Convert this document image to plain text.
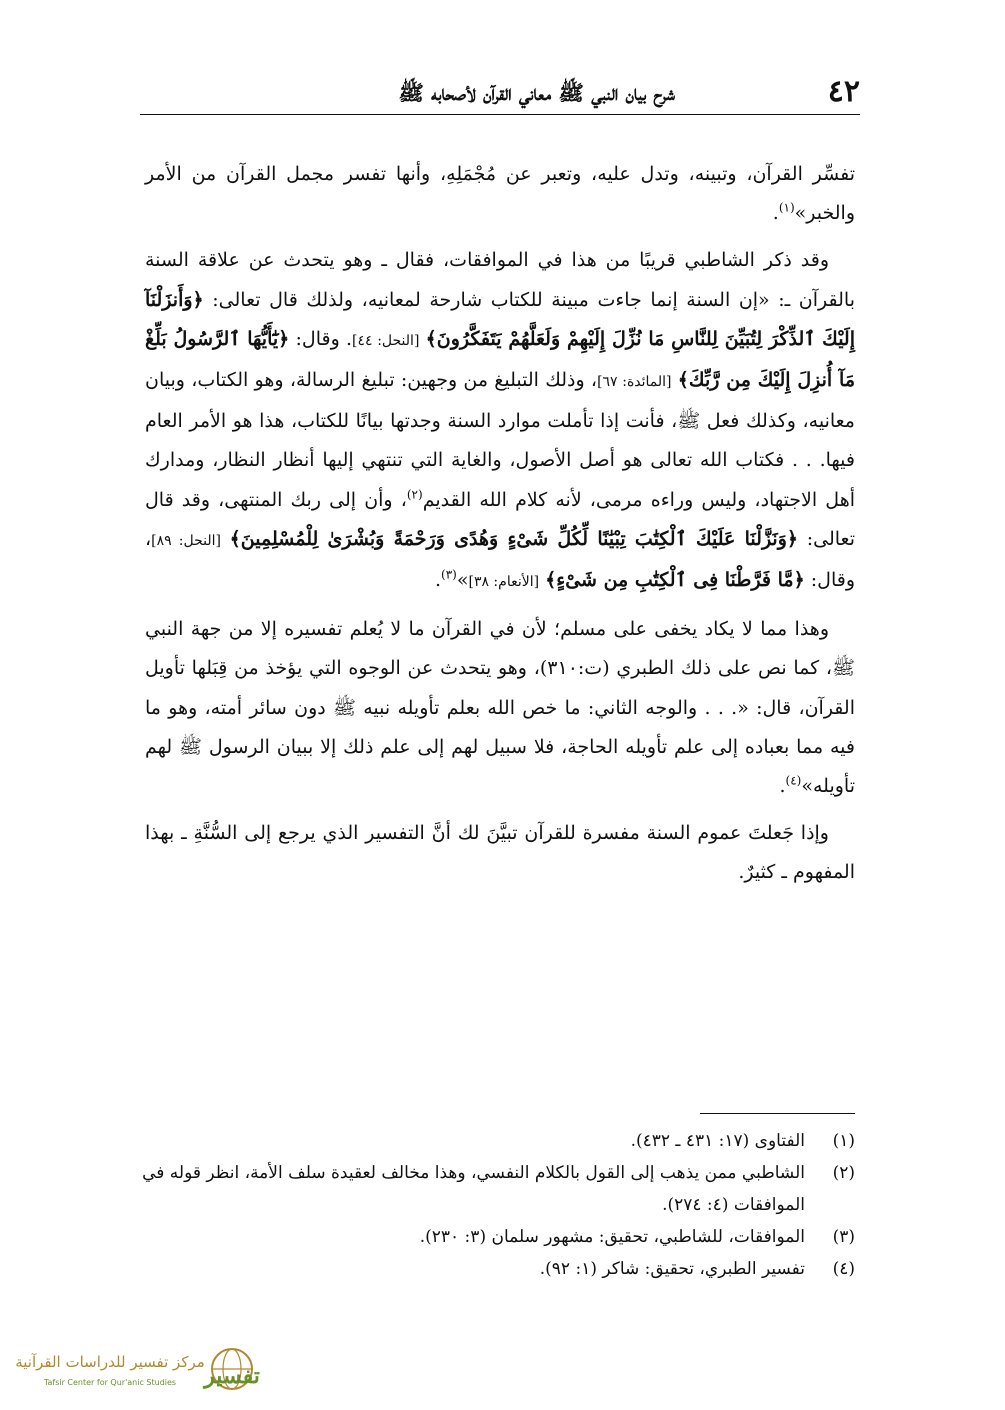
٤٢
شرح بيان النبي ﷺ معاني القرآن لأصحابه ﷺ

تفسِّر القرآن، وتبينه، وتدل عليه، وتعبر عن مُجْمَلِهِ، وأنها تفسر مجمل القرآن من الأمر والخبر»$^{(١)}$.

وقد ذكر الشاطبي قريبًا من هذا في الموافقات، فقال ـ وهو يتحدث عن علاقة السنة بالقرآن ـ: «إن السنة إنما جاءت مبينة للكتاب شارحة لمعانيه، ولذلك قال تعالى: ﴿وَأَنزَلْنَآ إِلَيْكَ ٱلذِّكْرَ لِتُبَيِّنَ لِلنَّاسِ مَا نُزِّلَ إِلَيْهِمْ وَلَعَلَّهُمْ يَتَفَكَّرُونَ﴾ [النحل: ٤٤]. وقال: ﴿يَٰٓأَيُّهَا ٱلرَّسُولُ بَلِّغْ مَآ أُنزِلَ إِلَيْكَ مِن رَّبِّكَ﴾ [المائدة: ٦٧]، وذلك التبليغ من وجهين: تبليغ الرسالة، وهو الكتاب، وبيان معانيه، وكذلك فعل ﷺ، فأنت إذا تأملت موارد السنة وجدتها بيانًا للكتاب، هذا هو الأمر العام فيها. . . فكتاب الله تعالى هو أصل الأصول، والغاية التي تنتهي إليها أنظار النظار، ومدارك أهل الاجتهاد، وليس وراءه مرمى، لأنه كلام الله القديم$^{(٢)}$، وأن إلى ربك المنتهى، وقد قال تعالى: ﴿وَنَزَّلْنَا عَلَيْكَ ٱلْكِتَٰبَ تِبْيَٰنًا لِّكُلِّ شَىْءٍ وَهُدًى وَرَحْمَةً وَبُشْرَىٰ لِلْمُسْلِمِينَ﴾ [النحل: ٨٩]، وقال: ﴿مَّا فَرَّطْنَا فِى ٱلْكِتَٰبِ مِن شَىْءٍ﴾ [الأنعام: ٣٨]»$^{(٣)}$.

وهذا مما لا يكاد يخفى على مسلم؛ لأن في القرآن ما لا يُعلم تفسيره إلا من جهة النبي ﷺ، كما نص على ذلك الطبري (ت:٣١٠)، وهو يتحدث عن الوجوه التي يؤخذ من قِبَلها تأويل القرآن، قال: «. . . والوجه الثاني: ما خص الله بعلم تأويله نبيه ﷺ دون سائر أمته، وهو ما فيه مما بعباده إلى علم تأويله الحاجة، فلا سبيل لهم إلى علم ذلك إلا ببيان الرسول ﷺ لهم تأويله»$^{(٤)}$.

وإذا جَعلتَ عموم السنة مفسرة للقرآن تبيَّنَ لك أنَّ التفسير الذي يرجع إلى السُّنَّةِ ـ بهذا المفهوم ـ كثيرٌ.

(١)
الفتاوى (١٧: ٤٣١ ـ ٤٣٢).
(٢)
الشاطبي ممن يذهب إلى القول بالكلام النفسي، وهذا مخالف لعقيدة سلف الأمة، انظر قوله في الموافقات (٤: ٢٧٤).
(٣)
الموافقات، للشاطبي، تحقيق: مشهور سلمان (٣: ٢٣٠).
(٤)
تفسير الطبري، تحقيق: شاكر (١: ٩٢).
تفسير
مركز تفسير للدراسات القرآنية
Tafsir Center for Qur'anic Studies
